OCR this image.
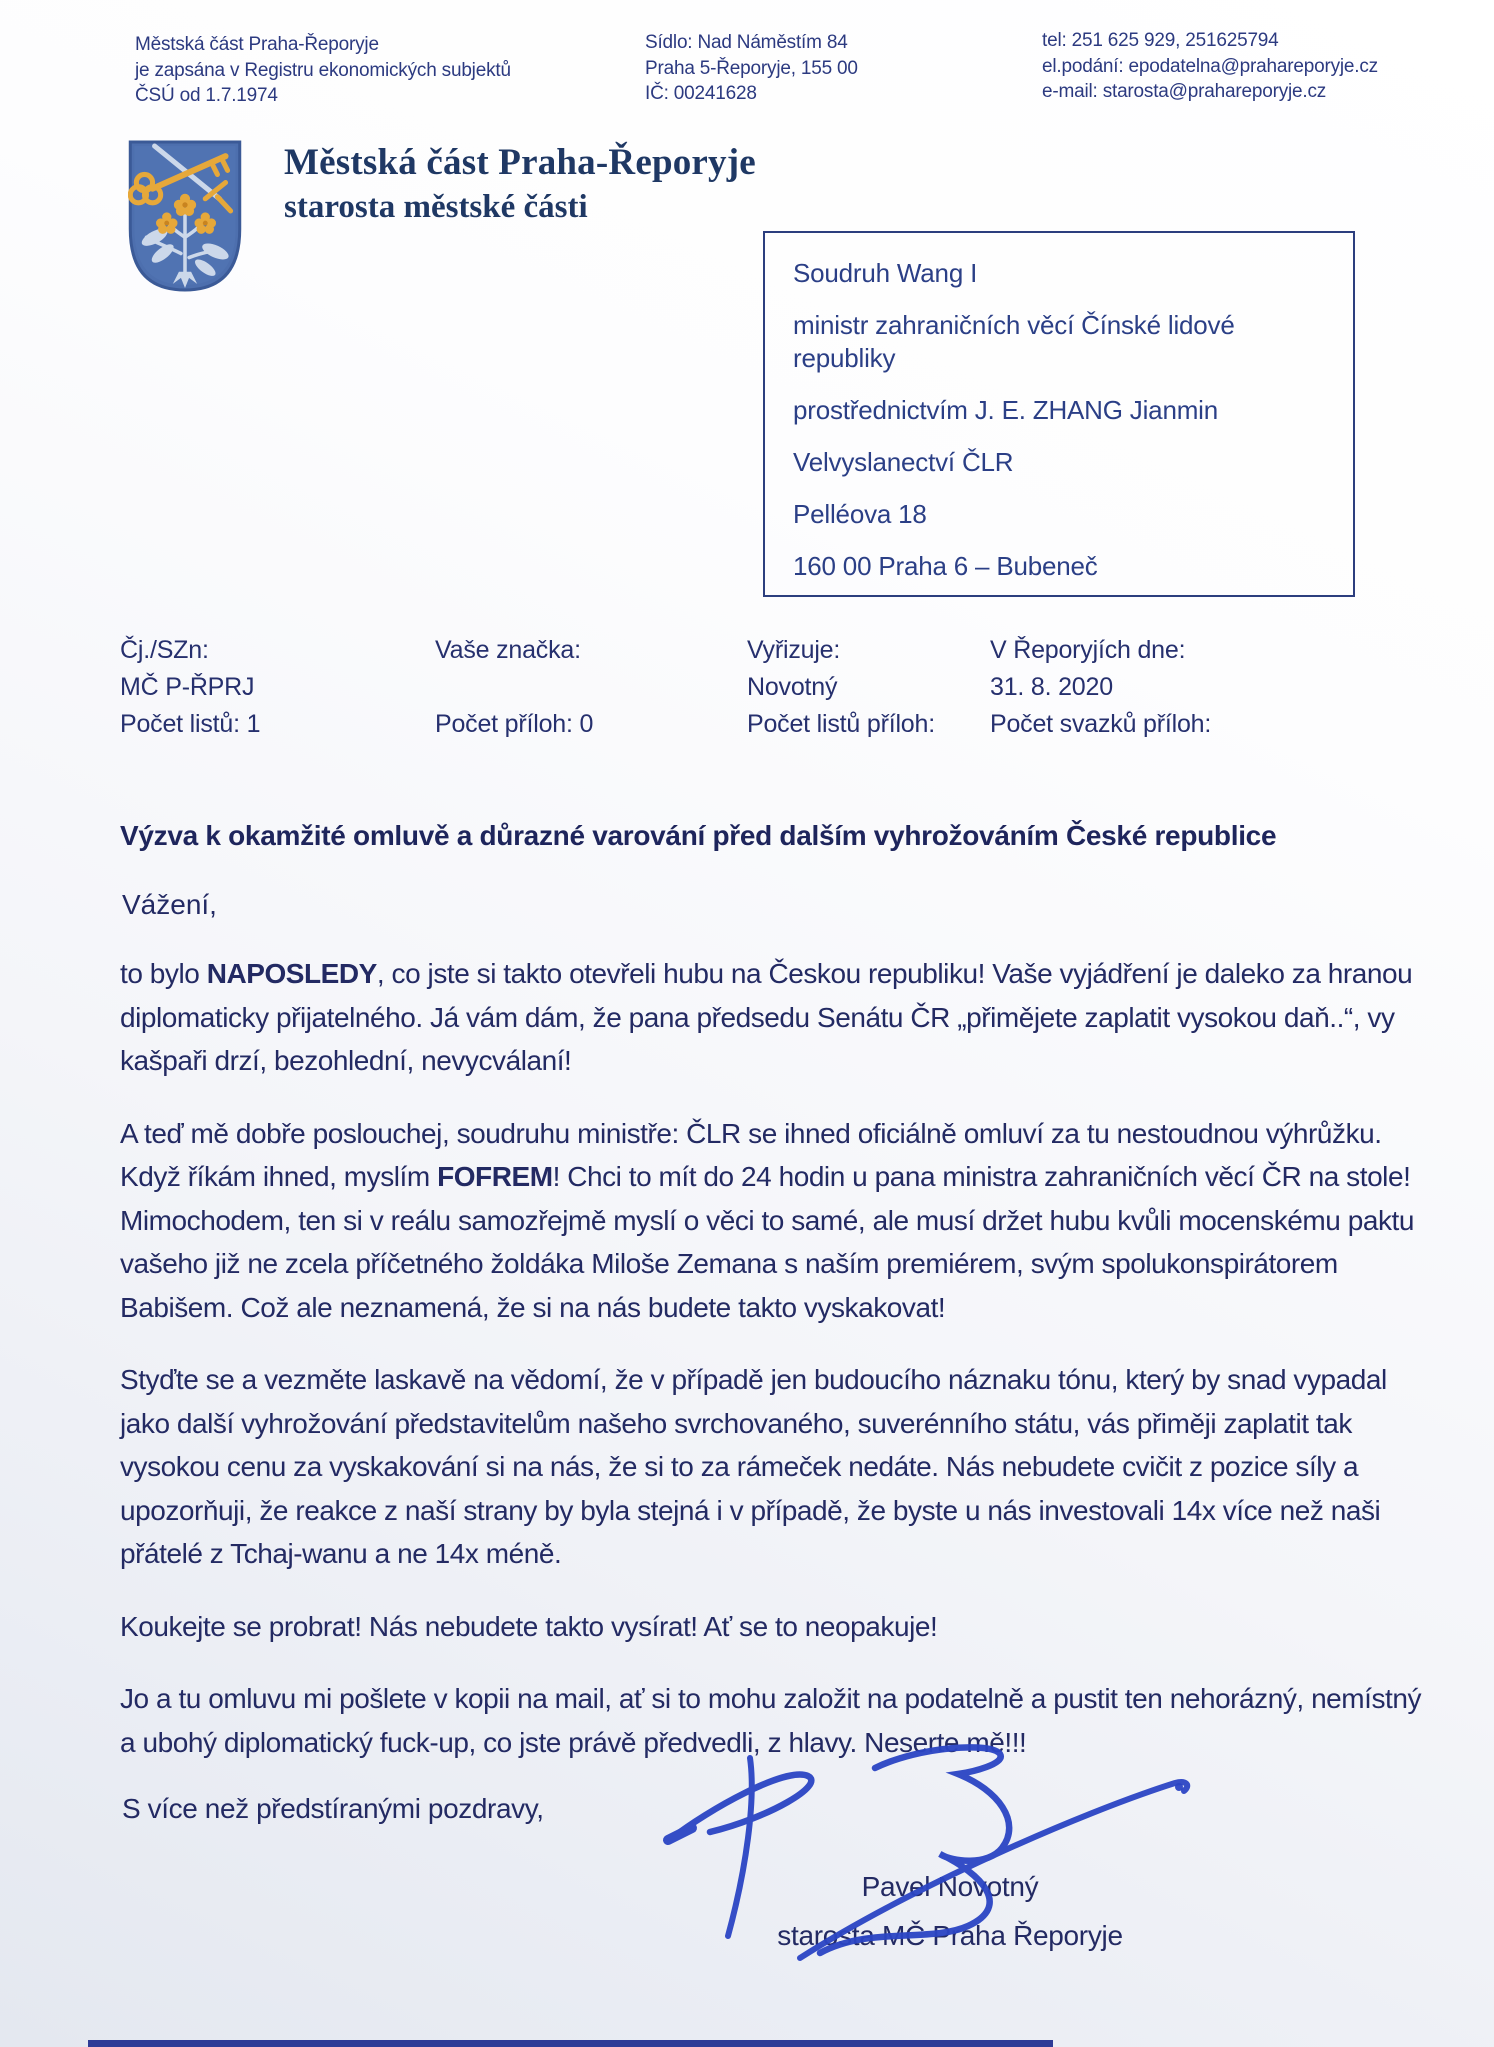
Městská část Praha-Řeporyje
je zapsána v Registru ekonomických subjektů
ČSÚ od 1.7.1974
Sídlo: Nad Náměstím 84
Praha 5-Řeporyje, 155 00
IČ: 00241628
tel: 251 625 929, 251625794
el.podání: epodatelna@prahareporyje.cz
e-mail: starosta@prahareporyje.cz
Městská část Praha-Řeporyje
starosta městské části
Soudruh Wang I
ministr zahraničních věcí Čínské lidové republiky
prostřednictvím J. E. ZHANG Jianmin
Velvyslanectví ČLR
Pelléova 18
160 00 Praha 6 – Bubeneč
Čj./SZn:
MČ P-ŘPRJ
Počet listů: 1
Vaše značka:
Počet příloh: 0
Vyřizuje:
Novotný
Počet listů příloh:
V Řeporyjích dne:
31. 8. 2020
Počet svazků příloh:
Výzva k okamžité omluvě a důrazné varování před dalším vyhrožováním České republice
Vážení,

to bylo NAPOSLEDY, co jste si takto otevřeli hubu na Českou republiku! Vaše vyjádření je daleko za hranou diplomaticky přijatelného. Já vám dám, že pana předsedu Senátu ČR „přimějete zaplatit vysokou daň..“, vy kašpaři drzí, bezohlední, nevycválaní!

A teď mě dobře poslouchej, soudruhu ministře: ČLR se ihned oficiálně omluví za tu nestoudnou výhrůžku. Když říkám ihned, myslím FOFREM! Chci to mít do 24 hodin u pana ministra zahraničních věcí ČR na stole! Mimochodem, ten si v reálu samozřejmě myslí o věci to samé, ale musí držet hubu kvůli mocenskému paktu vašeho již ne zcela příčetného žoldáka Miloše Zemana s naším premiérem, svým spolukonspirátorem Babišem. Což ale neznamená, že si na nás budete takto vyskakovat!

Styďte se a vezměte laskavě na vědomí, že v případě jen budoucího náznaku tónu, který by snad vypadal jako další vyhrožování představitelům našeho svrchovaného, suverénního státu, vás přiměji zaplatit tak vysokou cenu za vyskakování si na nás, že si to za rámeček nedáte. Nás nebudete cvičit z pozice síly a upozorňuji, že reakce z naší strany by byla stejná i v případě, že byste u nás investovali 14x více než naši přátelé z Tchaj-wanu a ne 14x méně.

Koukejte se probrat! Nás nebudete takto vysírat! Ať se to neopakuje!

Jo a tu omluvu mi pošlete v kopii na mail, ať si to mohu založit na podatelně a pustit ten nehorázný, nemístný a ubohý diplomatický fuck-up, co jste právě předvedli, z hlavy. Neserte mě!!!

S více než předstíranými pozdravy,
Pavel Novotný
starosta MČ Praha Řeporyje
